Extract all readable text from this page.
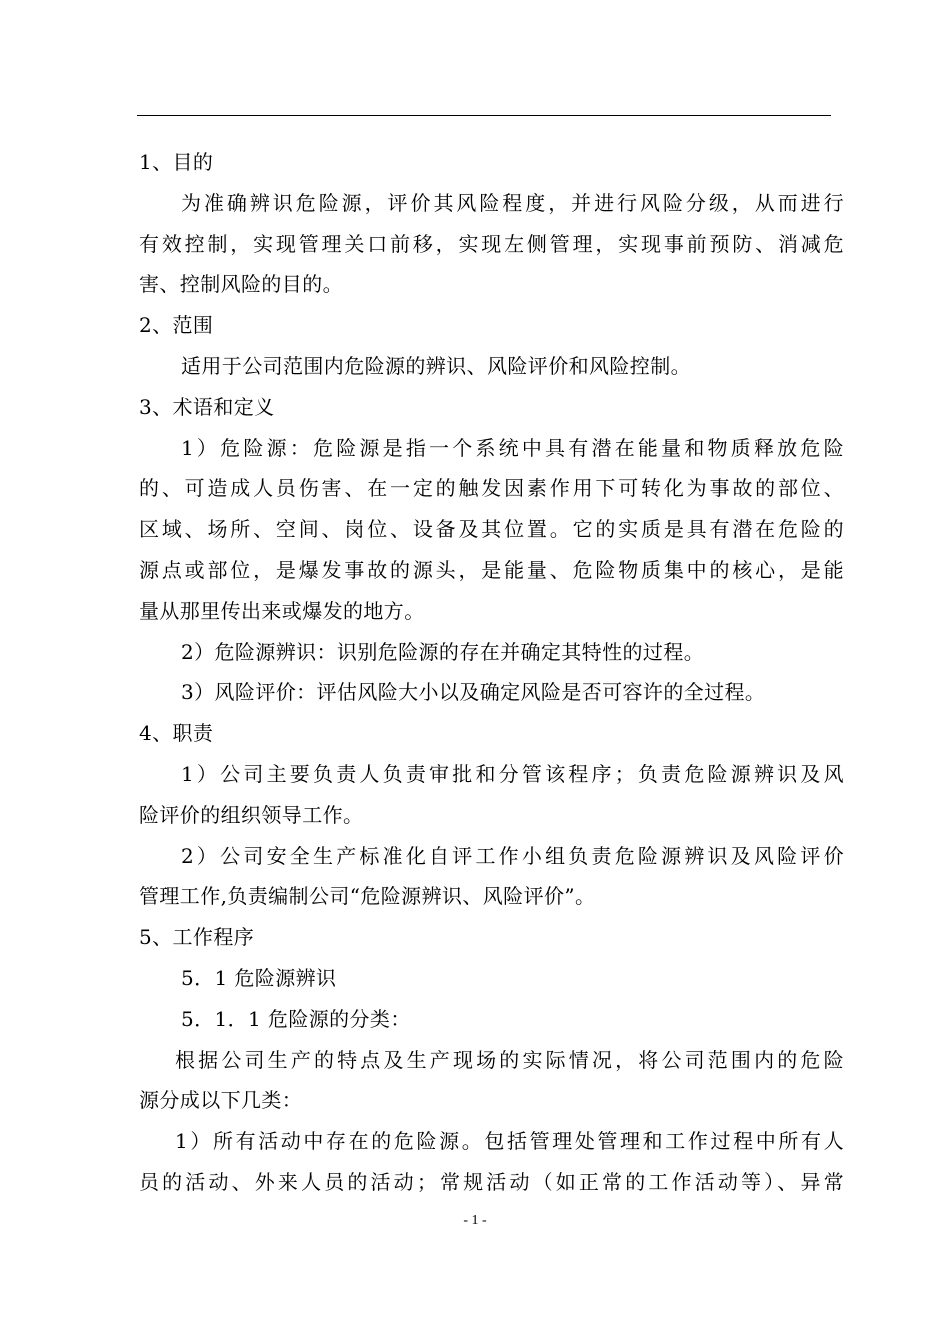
1、目的
为准确辨识危险源，评价其风险程度，并进行风险分级，从而进行
有效控制，实现管理关口前移，实现左侧管理，实现事前预防、消减危
害、控制风险的目的。
2、范围
适用于公司范围内危险源的辨识、风险评价和风险控制。
3、术语和定义
1）危险源：危险源是指一个系统中具有潜在能量和物质释放危险
的、可造成人员伤害、在一定的触发因素作用下可转化为事故的部位、
区域、场所、空间、岗位、设备及其位置。它的实质是具有潜在危险的
源点或部位，是爆发事故的源头，是能量、危险物质集中的核心，是能
量从那里传出来或爆发的地方。
2）危险源辨识：识别危险源的存在并确定其特性的过程。
3）风险评价：评估风险大小以及确定风险是否可容许的全过程。
4、职责
1）公司主要负责人负责审批和分管该程序；负责危险源辨识及风
险评价的组织领导工作。
2）公司安全生产标准化自评工作小组负责危险源辨识及风险评价
管理工作,负责编制公司“危险源辨识、风险评价”。
5、工作程序
5．1 危险源辨识
5．1．1 危险源的分类：
根据公司生产的特点及生产现场的实际情况，将公司范围内的危险
源分成以下几类：
1）所有活动中存在的危险源。包括管理处管理和工作过程中所有人
员的活动、外来人员的活动；常规活动（如正常的工作活动等）、异常
- 1 -
